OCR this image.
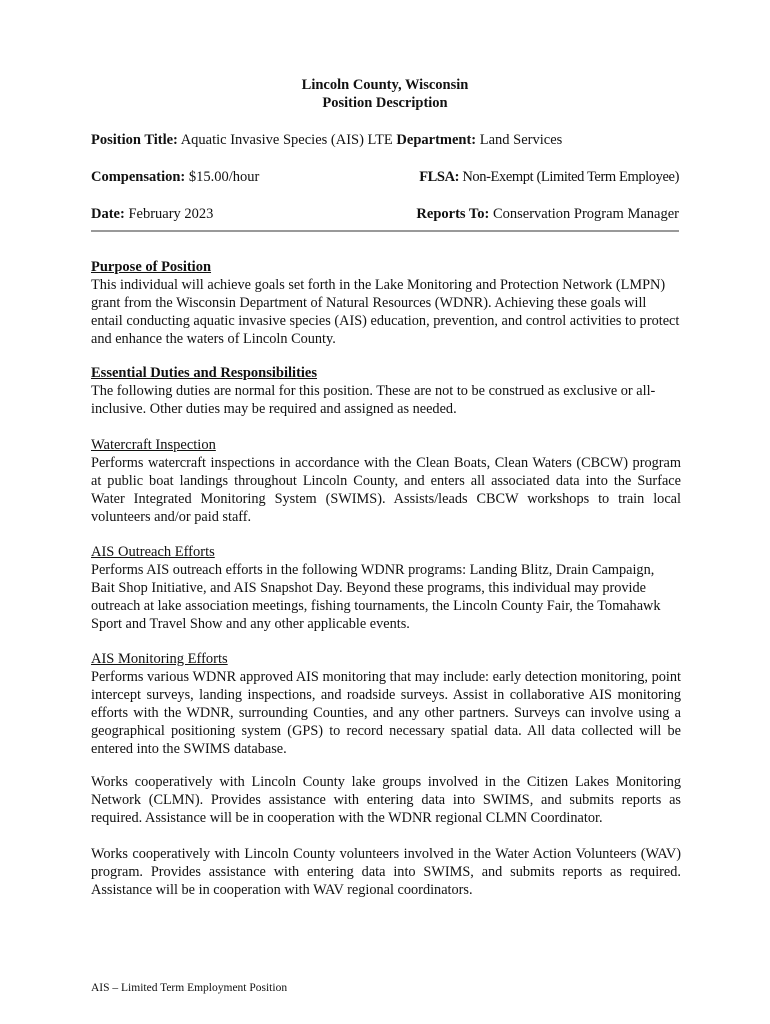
Lincoln County, Wisconsin
Position Description
Position Title: Aquatic Invasive Species (AIS) LTE Department: Land Services
Compensation: $15.00/hour	FLSA: Non-Exempt (Limited Term Employee)
Date: February 2023	Reports To: Conservation Program Manager
Purpose of Position
This individual will achieve goals set forth in the Lake Monitoring and Protection Network (LMPN) grant from the Wisconsin Department of Natural Resources (WDNR). Achieving these goals will entail conducting aquatic invasive species (AIS) education, prevention, and control activities to protect and enhance the waters of Lincoln County.
Essential Duties and Responsibilities
The following duties are normal for this position. These are not to be construed as exclusive or all-inclusive. Other duties may be required and assigned as needed.
Watercraft Inspection
Performs watercraft inspections in accordance with the Clean Boats, Clean Waters (CBCW) program at public boat landings throughout Lincoln County, and enters all associated data into the Surface Water Integrated Monitoring System (SWIMS). Assists/leads CBCW workshops to train local volunteers and/or paid staff.
AIS Outreach Efforts
Performs AIS outreach efforts in the following WDNR programs: Landing Blitz, Drain Campaign, Bait Shop Initiative, and AIS Snapshot Day. Beyond these programs, this individual may provide outreach at lake association meetings, fishing tournaments, the Lincoln County Fair, the Tomahawk Sport and Travel Show and any other applicable events.
AIS Monitoring Efforts
Performs various WDNR approved AIS monitoring that may include: early detection monitoring, point intercept surveys, landing inspections, and roadside surveys. Assist in collaborative AIS monitoring efforts with the WDNR, surrounding Counties, and any other partners. Surveys can involve using a geographical positioning system (GPS) to record necessary spatial data. All data collected will be entered into the SWIMS database.
Works cooperatively with Lincoln County lake groups involved in the Citizen Lakes Monitoring Network (CLMN). Provides assistance with entering data into SWIMS, and submits reports as required. Assistance will be in cooperation with the WDNR regional CLMN Coordinator.
Works cooperatively with Lincoln County volunteers involved in the Water Action Volunteers (WAV) program. Provides assistance with entering data into SWIMS, and submits reports as required. Assistance will be in cooperation with WAV regional coordinators.
AIS – Limited Term Employment Position
